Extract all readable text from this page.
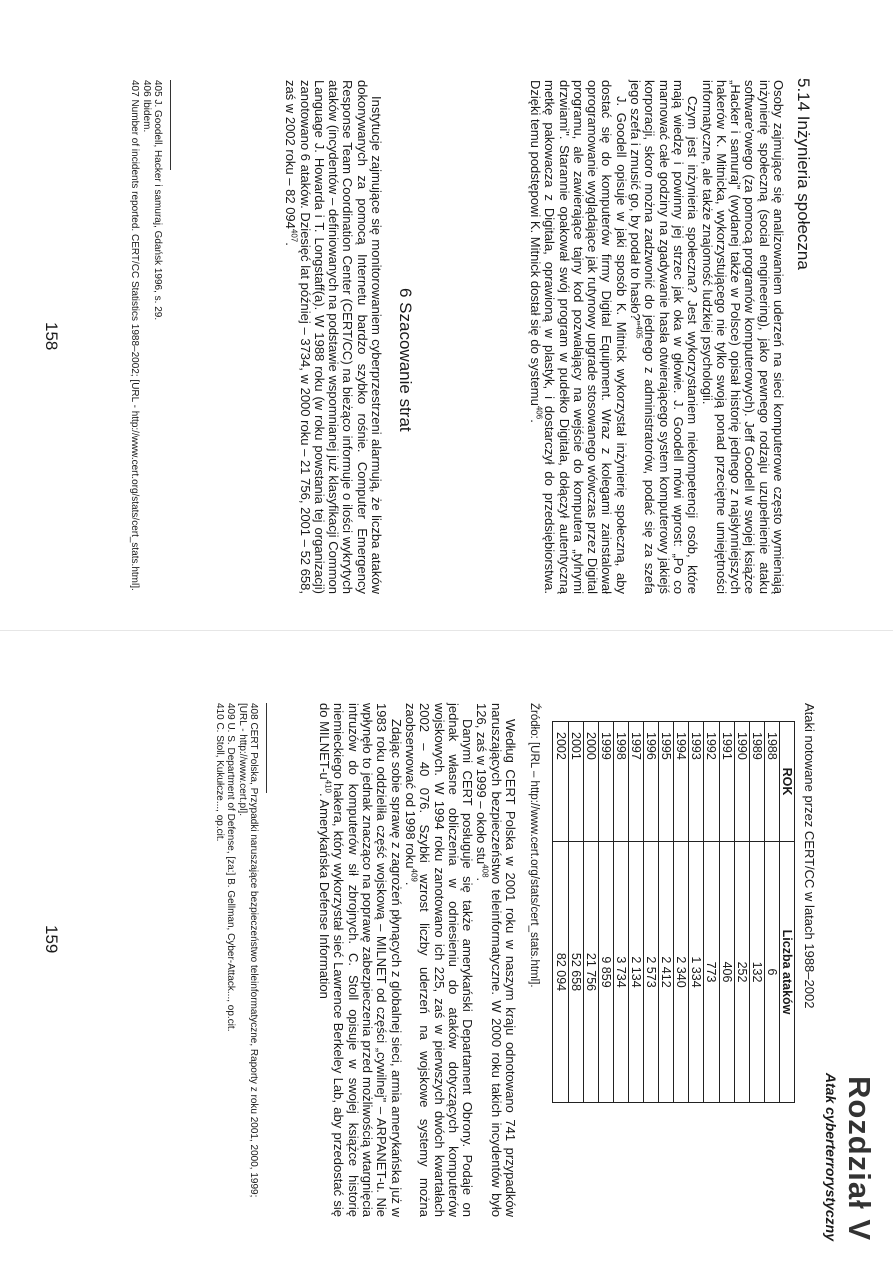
5.14 Inżynieria społeczna

Osoby zajmujące się analizowaniem uderzeń na sieci komputerowe często wymieniają inżynierię społeczną (social engineering), jako pewnego rodzaju uzupełnienie ataku software'owego (za pomocą programów komputerowych). Jeff Goodell w swojej książce „Hacker i samuraj" (wydanej także w Polsce) opisał historię jednego z najsłynniejszych hakerów K. Mitnicka, wykorzystującego nie tylko swoją ponad przeciętne umiejętności informatyczne, ale także znajomość ludzkiej psychologii.

Czym jest inżynieria społeczna? Jest wykorzystaniem niekompetencji osób, które mają wiedzę i powinny jej strzec jak oka w głowie. J. Goodell mówi wprost: „Po co marnować całe godziny na zgadywanie hasła otwierającego system komputerowy jakiejś korporacji, skoro można zadzwonić do jednego z administratorów, podać się za szefa jego szefa i zmusić go, by podał to hasło?"$^{405}$

J. Goodell opisuje w jaki sposób K. Mitnick wykorzystał inżynierię społeczną, aby dostać się do komputerów firmy Digital Equipment. Wraz z kolegami zainstalował oprogramowanie wyglądające jak rutynowy upgrade stosowanego wówczas przez Digital programu, ale zawierające tajny kod pozwalający na wejście do komputera „tylnymi drzwiami". Starannie opakował swój program w pudełko Digitala, dołączył autentyczną metkę pakowacza z Digitala, oprawioną w plastyk, i dostarczył do przedsiębiorstwa. Dzięki temu podstępowi K. Mitnick dostał się do systemu$^{406}$.

6 Szacowanie strat

Instytucje zajmujące się monitorowaniem cyberprzestrzeni alarmują, że liczba ataków dokonywanych za pomocą Internetu bardzo szybko rośnie. Computer Emergency Response Team Coordination Center (CERT/CC) na bieżąco informuje o ilości wykrytych ataków (incydentów – definiowanych na podstawie wspomnianej już klasyfikacji Common Language J. Howarda i T. Longstaff(a). W 1988 roku (w roku powstania tej organizacji) zanotowano 6 ataków. Dziesięć lat później – 3734, w 2000 roku – 21 756, 2001 – 52 658, zaś w 2002 roku – 82 $094^{407}$.

405 J. Goodell, Hacker i samuraj, Gdańsk 1996, s. 29.
406 Ibidem.
407 Number of incidents reported. CERT/CC Statistics 1988–2002; [URL - http://www.cert.org/stats/cert_stats.html].
158
Rozdział V
Atak cyberterrorystyczny
Ataki notowane przez CERT/CC w latach 1988–2002
ROK	Liczba ataków
1988	6
1989	132
1990	252
1991	406
1992	773
1993	1 334
1994	2 340
1995	2 412
1996	2 573
1997	2 134
1998	3 734
1999	9 859
2000	21 756
2001	52 658
2002	82 094
Źródło: [URL – http://www.cert.org/stats/cert_stats.html].

Według CERT Polska w 2001 roku w naszym kraju odnotowano 741 przypadków naruszających bezpieczeństwo teleinformatyczne. W 2000 roku takich incydentów było 126, zaś w 1999 – około stu$^{408}$.

Danymi CERT posługuje się także amerykański Departament Obrony. Podaje on jednak własne obliczenia w odniesieniu do ataków dotyczących komputerów wojskowych. W 1994 roku zanotowano ich 225, zaś w pierwszych dwóch kwartałach 2002 – 40 076. Szybki wzrost liczby uderzeń na wojskowe systemy można zaobserwować od 1998 roku$^{409}$.

Zdając sobie sprawę z zagrożeń płynących z globalnej sieci, armia amerykańska już w 1983 roku oddzieliła część wojskową – MILNET od części „cywilnej" – ARPANET-u. Nie wpłynęło to jednak znacząco na poprawę zabezpieczenia przed możliwością wtargnięcia intruzów do komputerów sił zbrojnych. C. Stoll opisuje w swojej książce historię niemieckiego hakera, który wykorzystał sieć Lawrence Berkeley Lab, aby przedostać się do MILNET-$u^{410}$. Amerykańska Defense Information

408 CERT Polska, Przypadki naruszające bezpieczeństwo teleinformatyczne, Raporty z roku 2001, 2000, 1999; [URL - http://www.cert.pl].
409 U. S. Department of Defense, [za:] B. Gellman, Cyber-Attack..., op.cit.
410 C. Stoll, Kukułcze..., op.cit.
159
